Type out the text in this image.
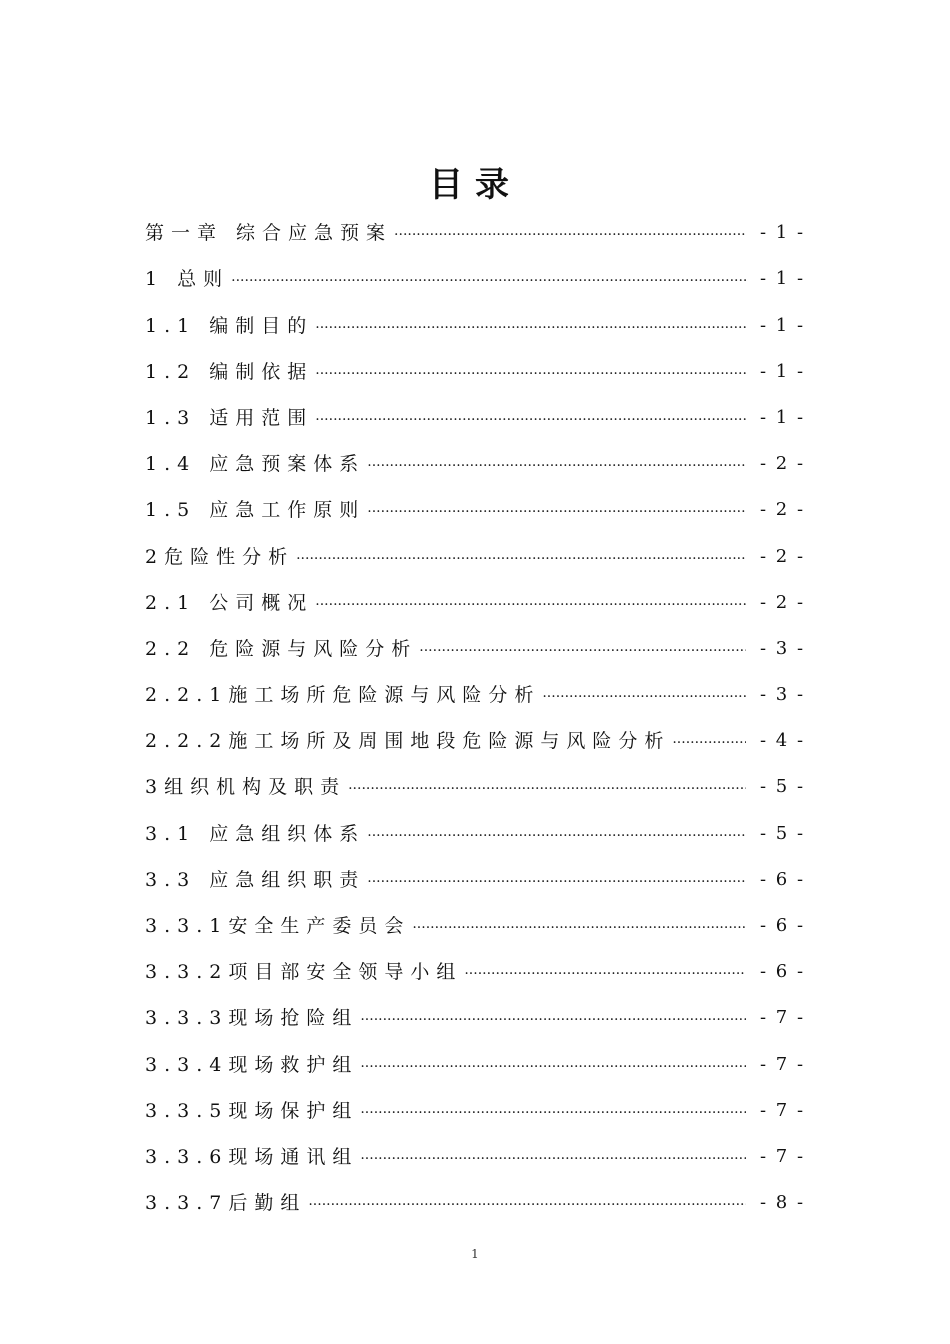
目录
第一章 综合应急预案 .....	- 1 -
1 总则 .....	- 1 -
1.1 编制目的 .....	- 1 -
1.2 编制依据 .....	- 1 -
1.3 适用范围 .....	- 1 -
1.4 应急预案体系 .....	- 2 -
1.5 应急工作原则 .....	- 2 -
2危险性分析 .....	- 2 -
2.1 公司概况 .....	- 2 -
2.2 危险源与风险分析 .....	- 3 -
2.2.1施工场所危险源与风险分析 .....	- 3 -
2.2.2施工场所及周围地段危险源与风险分析 .....	- 4 -
3组织机构及职责 .....	- 5 -
3.1 应急组织体系 .....	- 5 -
3.3 应急组织职责 .....	- 6 -
3.3.1安全生产委员会 .....	- 6 -
3.3.2项目部安全领导小组 .....	- 6 -
3.3.3现场抢险组 .....	- 7 -
3.3.4现场救护组 .....	- 7 -
3.3.5现场保护组 .....	- 7 -
3.3.6现场通讯组 .....	- 7 -
3.3.7后勤组 .....	- 8 -
1
